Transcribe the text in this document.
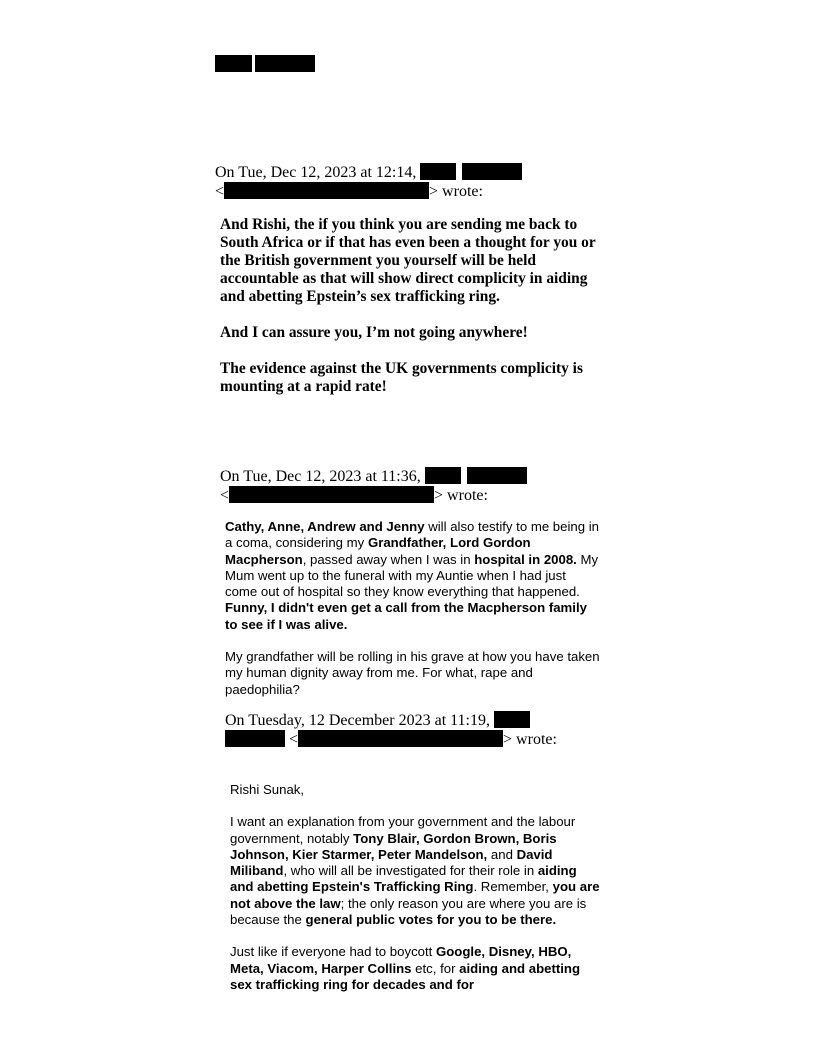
On Tue, Dec 12, 2023 at 12:14,
<	> wrote:

And Rishi, the if you think you are sending me back to South Africa or if that has even been a thought for you or the British government you yourself will be held accountable as that will show direct complicity in aiding and abetting Epstein’s sex trafficking ring.

And I can assure you, I’m not going anywhere!

The evidence against the UK governments complicity is mounting at a rapid rate!

On Tue, Dec 12, 2023 at 11:36,
<	> wrote:

Cathy, Anne, Andrew and Jenny will also testify to me being in a coma, considering my Grandfather, Lord Gordon Macpherson, passed away when I was in hospital in 2008. My Mum went up to the funeral with my Auntie when I had just come out of hospital so they know everything that happened. Funny, I didn't even get a call from the Macpherson family to see if I was alive.

My grandfather will be rolling in his grave at how you have taken my human dignity away from me. For what, rape and paedophilia?

On Tuesday, 12 December 2023 at 11:19,
<	> wrote:

Rishi Sunak,

I want an explanation from your government and the labour government, notably Tony Blair, Gordon Brown, Boris Johnson, Kier Starmer, Peter Mandelson, and David Miliband, who will all be investigated for their role in aiding and abetting Epstein's Trafficking Ring. Remember, you are not above the law; the only reason you are where you are is because the general public votes for you to be there.

Just like if everyone had to boycott Google, Disney, HBO, Meta, Viacom, Harper Collins etc, for aiding and abetting sex trafficking ring for decades and for
